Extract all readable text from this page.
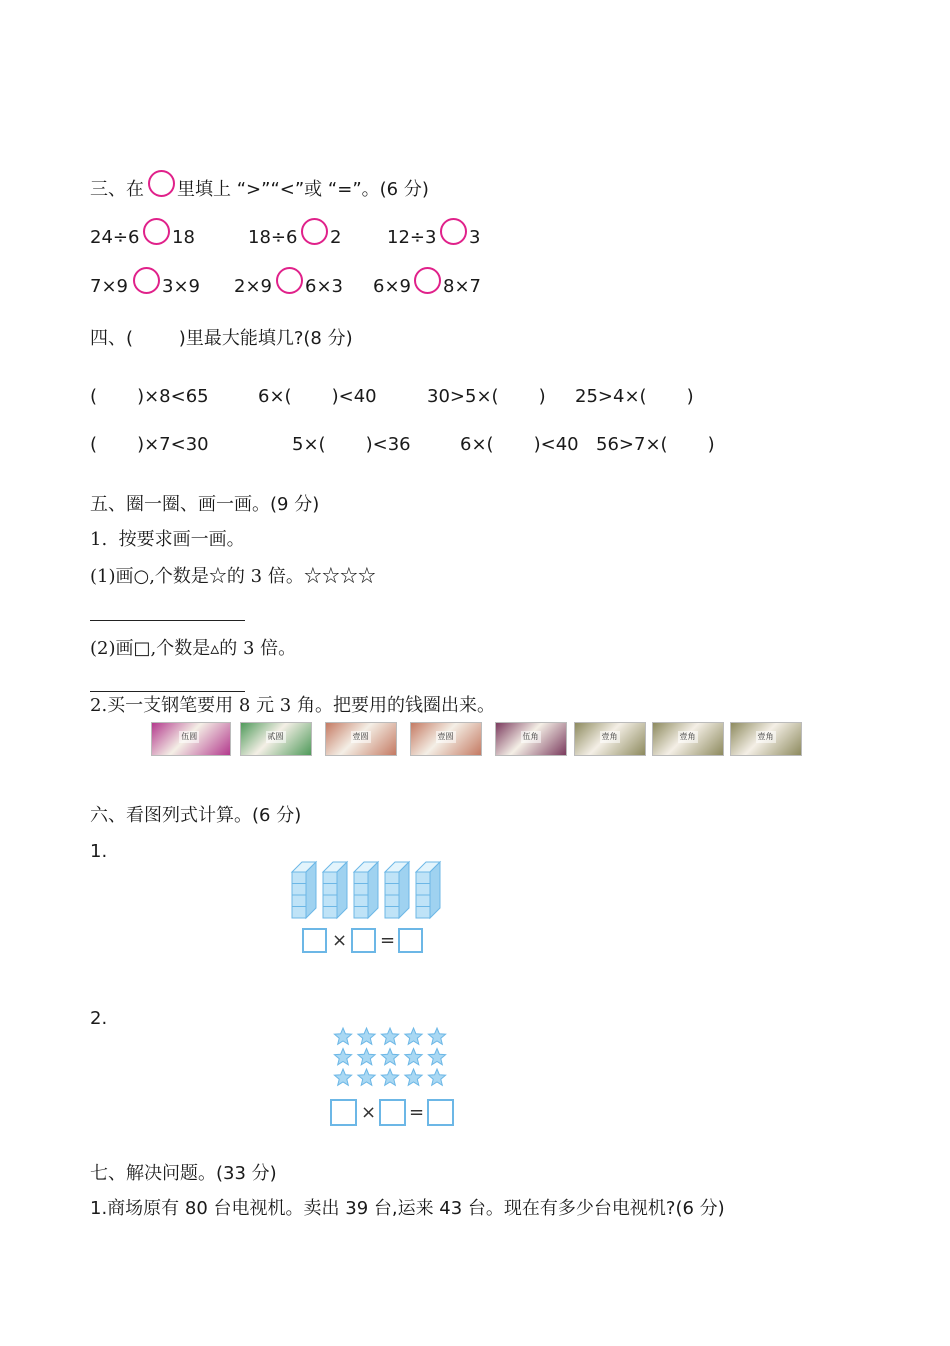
三、在 里填上 “>”“<”或 “=”。(6 分)
24÷6 18	18÷6 2	12÷3 3
7×9 3×9 2×9 6×3 6×9 8×7
四、(        )里最大能填几?(8 分)
(       )×8<65	6×(       )<40	30>5×(       ) 25>4×(       )
(       )×7<30	5×(       )<36	6×(       )<40 56>7×(       )
五、圈一圈、画一画。(9 分)
1.  按要求画一画。
(1)画○,个数是☆的 3 倍。☆☆☆☆
(2)画□,个数是▵的 3 倍。
2.买一支钢笔要用 8 元 3 角。把要用的钱圈出来。
伍圆	贰圆	壹圆	壹圆	伍角	壹角	壹角	壹角
六、看图列式计算。(6 分)
1.
× =
2.
× =
七、解决问题。(33 分)
1.商场原有 80 台电视机。卖出 39 台,运来 43 台。现在有多少台电视机?(6 分)
